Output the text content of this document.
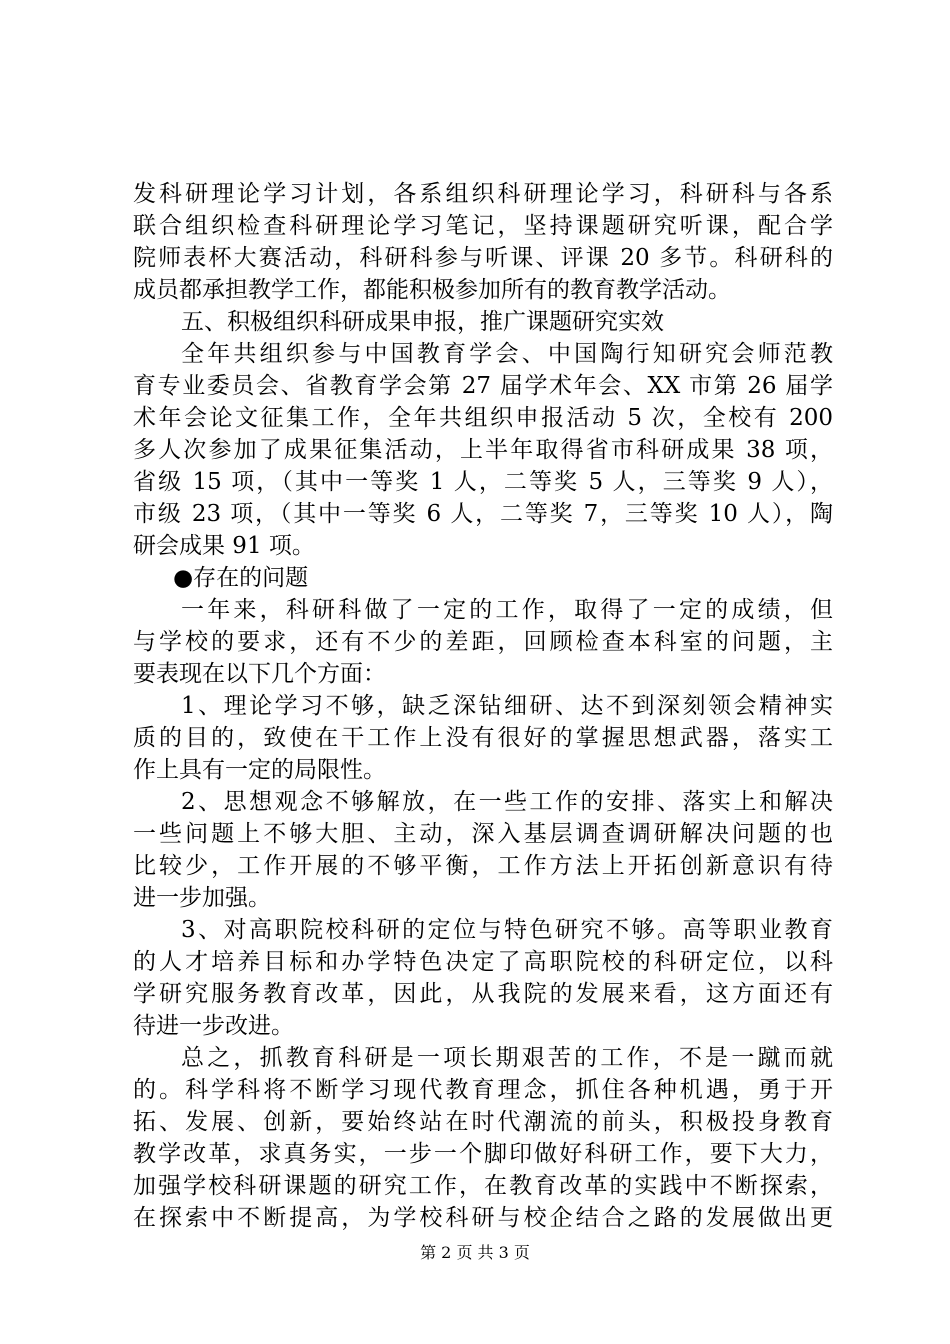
发科研理论学习计划，各系组织科研理论学习，科研科与各系
联合组织检查科研理论学习笔记，坚持课题研究听课，配合学
院师表杯大赛活动，科研科参与听课、评课 20 多节。科研科的
成员都承担教学工作，都能积极参加所有的教育教学活动。
五、积极组织科研成果申报，推广课题研究实效
全年共组织参与中国教育学会、中国陶行知研究会师范教
育专业委员会、省教育学会第 27 届学术年会、XX 市第 26 届学
术年会论文征集工作，全年共组织申报活动 5 次，全校有 200
多人次参加了成果征集活动，上半年取得省市科研成果 38 项，
省级 15 项，（其中一等奖 1 人，二等奖 5 人，三等奖 9 人），
市级 23 项，（其中一等奖 6 人，二等奖 7，三等奖 10 人），陶
研会成果 91 项。
●存在的问题
一年来，科研科做了一定的工作，取得了一定的成绩，但
与学校的要求，还有不少的差距，回顾检查本科室的问题，主
要表现在以下几个方面：
1、理论学习不够，缺乏深钻细研、达不到深刻领会精神实
质的目的，致使在干工作上没有很好的掌握思想武器，落实工
作上具有一定的局限性。
2、思想观念不够解放，在一些工作的安排、落实上和解决
一些问题上不够大胆、主动，深入基层调查调研解决问题的也
比较少，工作开展的不够平衡，工作方法上开拓创新意识有待
进一步加强。
3、对高职院校科研的定位与特色研究不够。高等职业教育
的人才培养目标和办学特色决定了高职院校的科研定位，以科
学研究服务教育改革，因此，从我院的发展来看，这方面还有
待进一步改进。
总之，抓教育科研是一项长期艰苦的工作，不是一蹴而就
的。科学科将不断学习现代教育理念，抓住各种机遇，勇于开
拓、发展、创新，要始终站在时代潮流的前头，积极投身教育
教学改革，求真务实，一步一个脚印做好科研工作，要下大力，
加强学校科研课题的研究工作，在教育改革的实践中不断探索，
在探索中不断提高，为学校科研与校企结合之路的发展做出更
第 2 页 共 3 页
